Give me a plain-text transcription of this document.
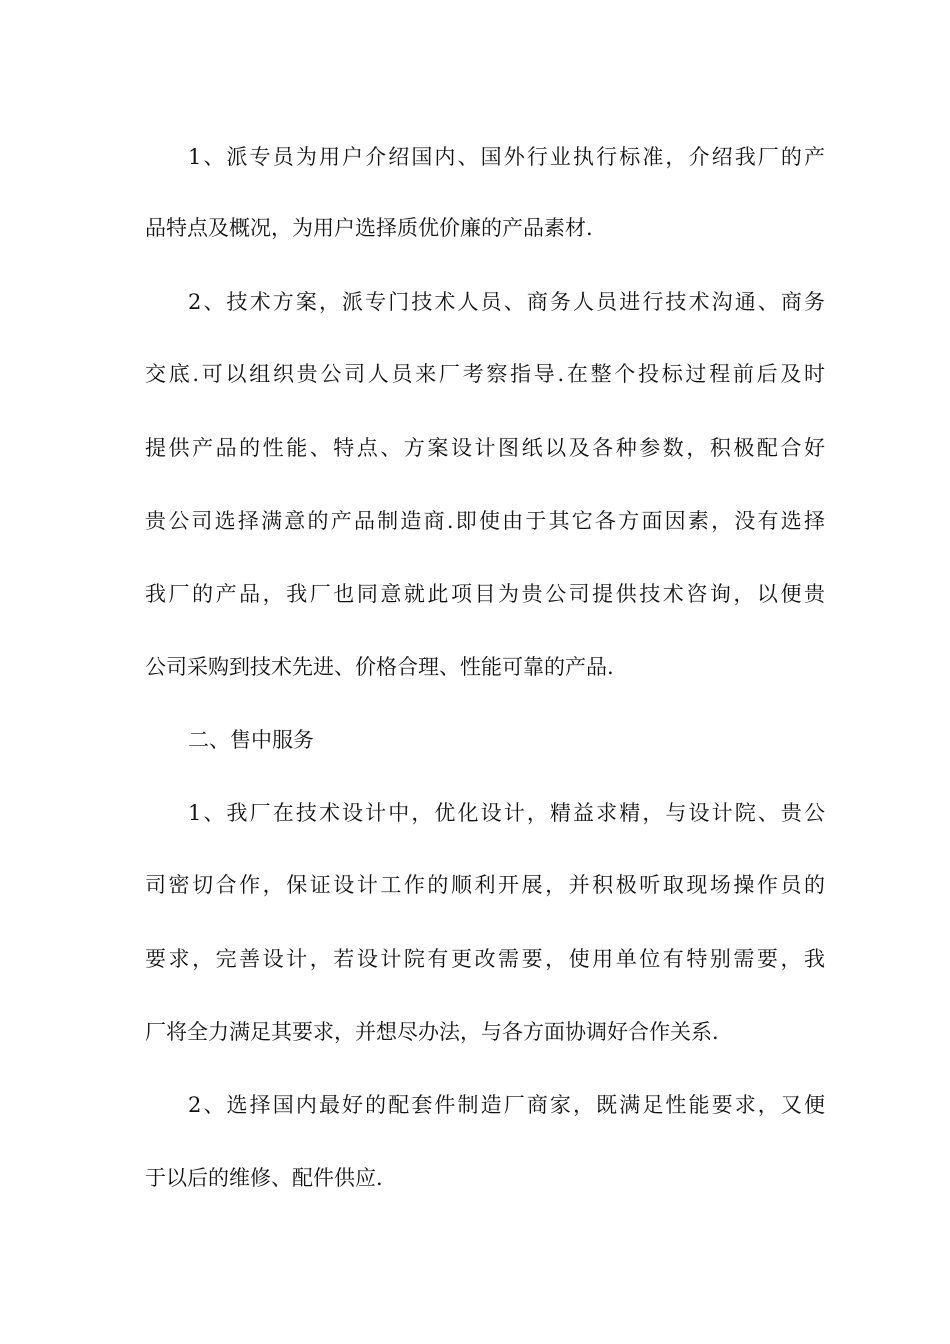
1、派专员为用户介绍国内、国外行业执行标准，介绍我厂的产
品特点及概况，为用户选择质优价廉的产品素材.
2、技术方案，派专门技术人员、商务人员进行技术沟通、商务
交底.可以组织贵公司人员来厂考察指导.在整个投标过程前后及时
提供产品的性能、特点、方案设计图纸以及各种参数，积极配合好
贵公司选择满意的产品制造商.即使由于其它各方面因素，没有选择
我厂的产品，我厂也同意就此项目为贵公司提供技术咨询，以便贵
公司采购到技术先进、价格合理、性能可靠的产品.
二、售中服务
1、我厂在技术设计中，优化设计，精益求精，与设计院、贵公
司密切合作，保证设计工作的顺利开展，并积极听取现场操作员的
要求，完善设计，若设计院有更改需要，使用单位有特别需要，我
厂将全力满足其要求，并想尽办法，与各方面协调好合作关系.
2、选择国内最好的配套件制造厂商家，既满足性能要求，又便
于以后的维修、配件供应.
